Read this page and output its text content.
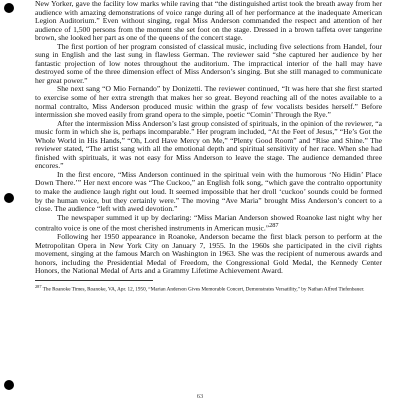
New Yorker, gave the facility low marks while raving that “the distinguished artist took the breath away from her audience with amazing demonstrations of voice range during all of her performance at the inadequate American Legion Auditorium.” Even without singing, regal Miss Anderson commanded the respect and attention of her audience of 1,500 persons from the moment she set foot on the stage. Dressed in a brown taffeta over tangerine brown, she looked her part as one of the queens of the concert stage.

The first portion of her program consisted of classical music, including five selections from Handel, four sung in English and the last sung in flawless German. The reviewer said “she captured her audience by her fantastic projection of low notes throughout the auditorium. The impractical interior of the hall may have destroyed some of the three dimension effect of Miss Anderson’s singing. But she still managed to communicate her great power.”

She next sang “O Mio Fernando” by Donizetti. The reviewer continued, “It was here that she first started to exercise some of her extra strength that makes her so great. Beyond reaching all of the notes available to a normal contralto, Miss Anderson produced music within the grasp of few vocalists besides herself.” Before intermission she moved easily from grand opera to the simple, poetic “Comin’ Through the Rye.”

After the intermission Miss Anderson’s last group consisted of spirituals, in the opinion of the reviewer, “a music form in which she is, perhaps incomparable.” Her program included, “At the Feet of Jesus,” “He’s Got the Whole World in His Hands,” “Oh, Lord Have Mercy on Me,” “Plenty Good Room” and “Rise and Shine.” The reviewer stated, “The artist sang with all the emotional depth and spiritual sensitivity of her race. When she had finished with spirituals, it was not easy for Miss Anderson to leave the stage. The audience demanded three encores.”

In the first encore, “Miss Anderson continued in the spiritual vein with the humorous ‘No Hidin’ Place Down There.’” Her next encore was “The Cuckoo,” an English folk song, “which gave the contralto opportunity to make the audience laugh right out loud. It seemed impossible that her droll ‘cuckoo’ sounds could be formed by the human voice, but they certainly were.” The moving “Ave Maria” brought Miss Anderson’s concert to a close. The audience “left with awed devotion.”

The newspaper summed it up by declaring: “Miss Marian Anderson showed Roanoke last night why her contralto voice is one of the most cherished instruments in American music.”$^{287}$

Following her 1950 appearance in Roanoke, Anderson became the first black person to perform at the Metropolitan Opera in New York City on January 7, 1955. In the 1960s she participated in the civil rights movement, singing at the famous March on Washington in 1963. She was the recipient of numerous awards and honors, including the Presidential Medal of Freedom, the Congressional Gold Medal, the Kennedy Center Honors, the National Medal of Arts and a Grammy Lifetime Achievement Award.

$^{287}$ The Roanoke Times, Roanoke, VA, Apr. 12, 1950, “Marian Anderson Gives Memorable Concert, Demonstrates Versatility,” by Nathan Alfred Tiefenbauer.
63
